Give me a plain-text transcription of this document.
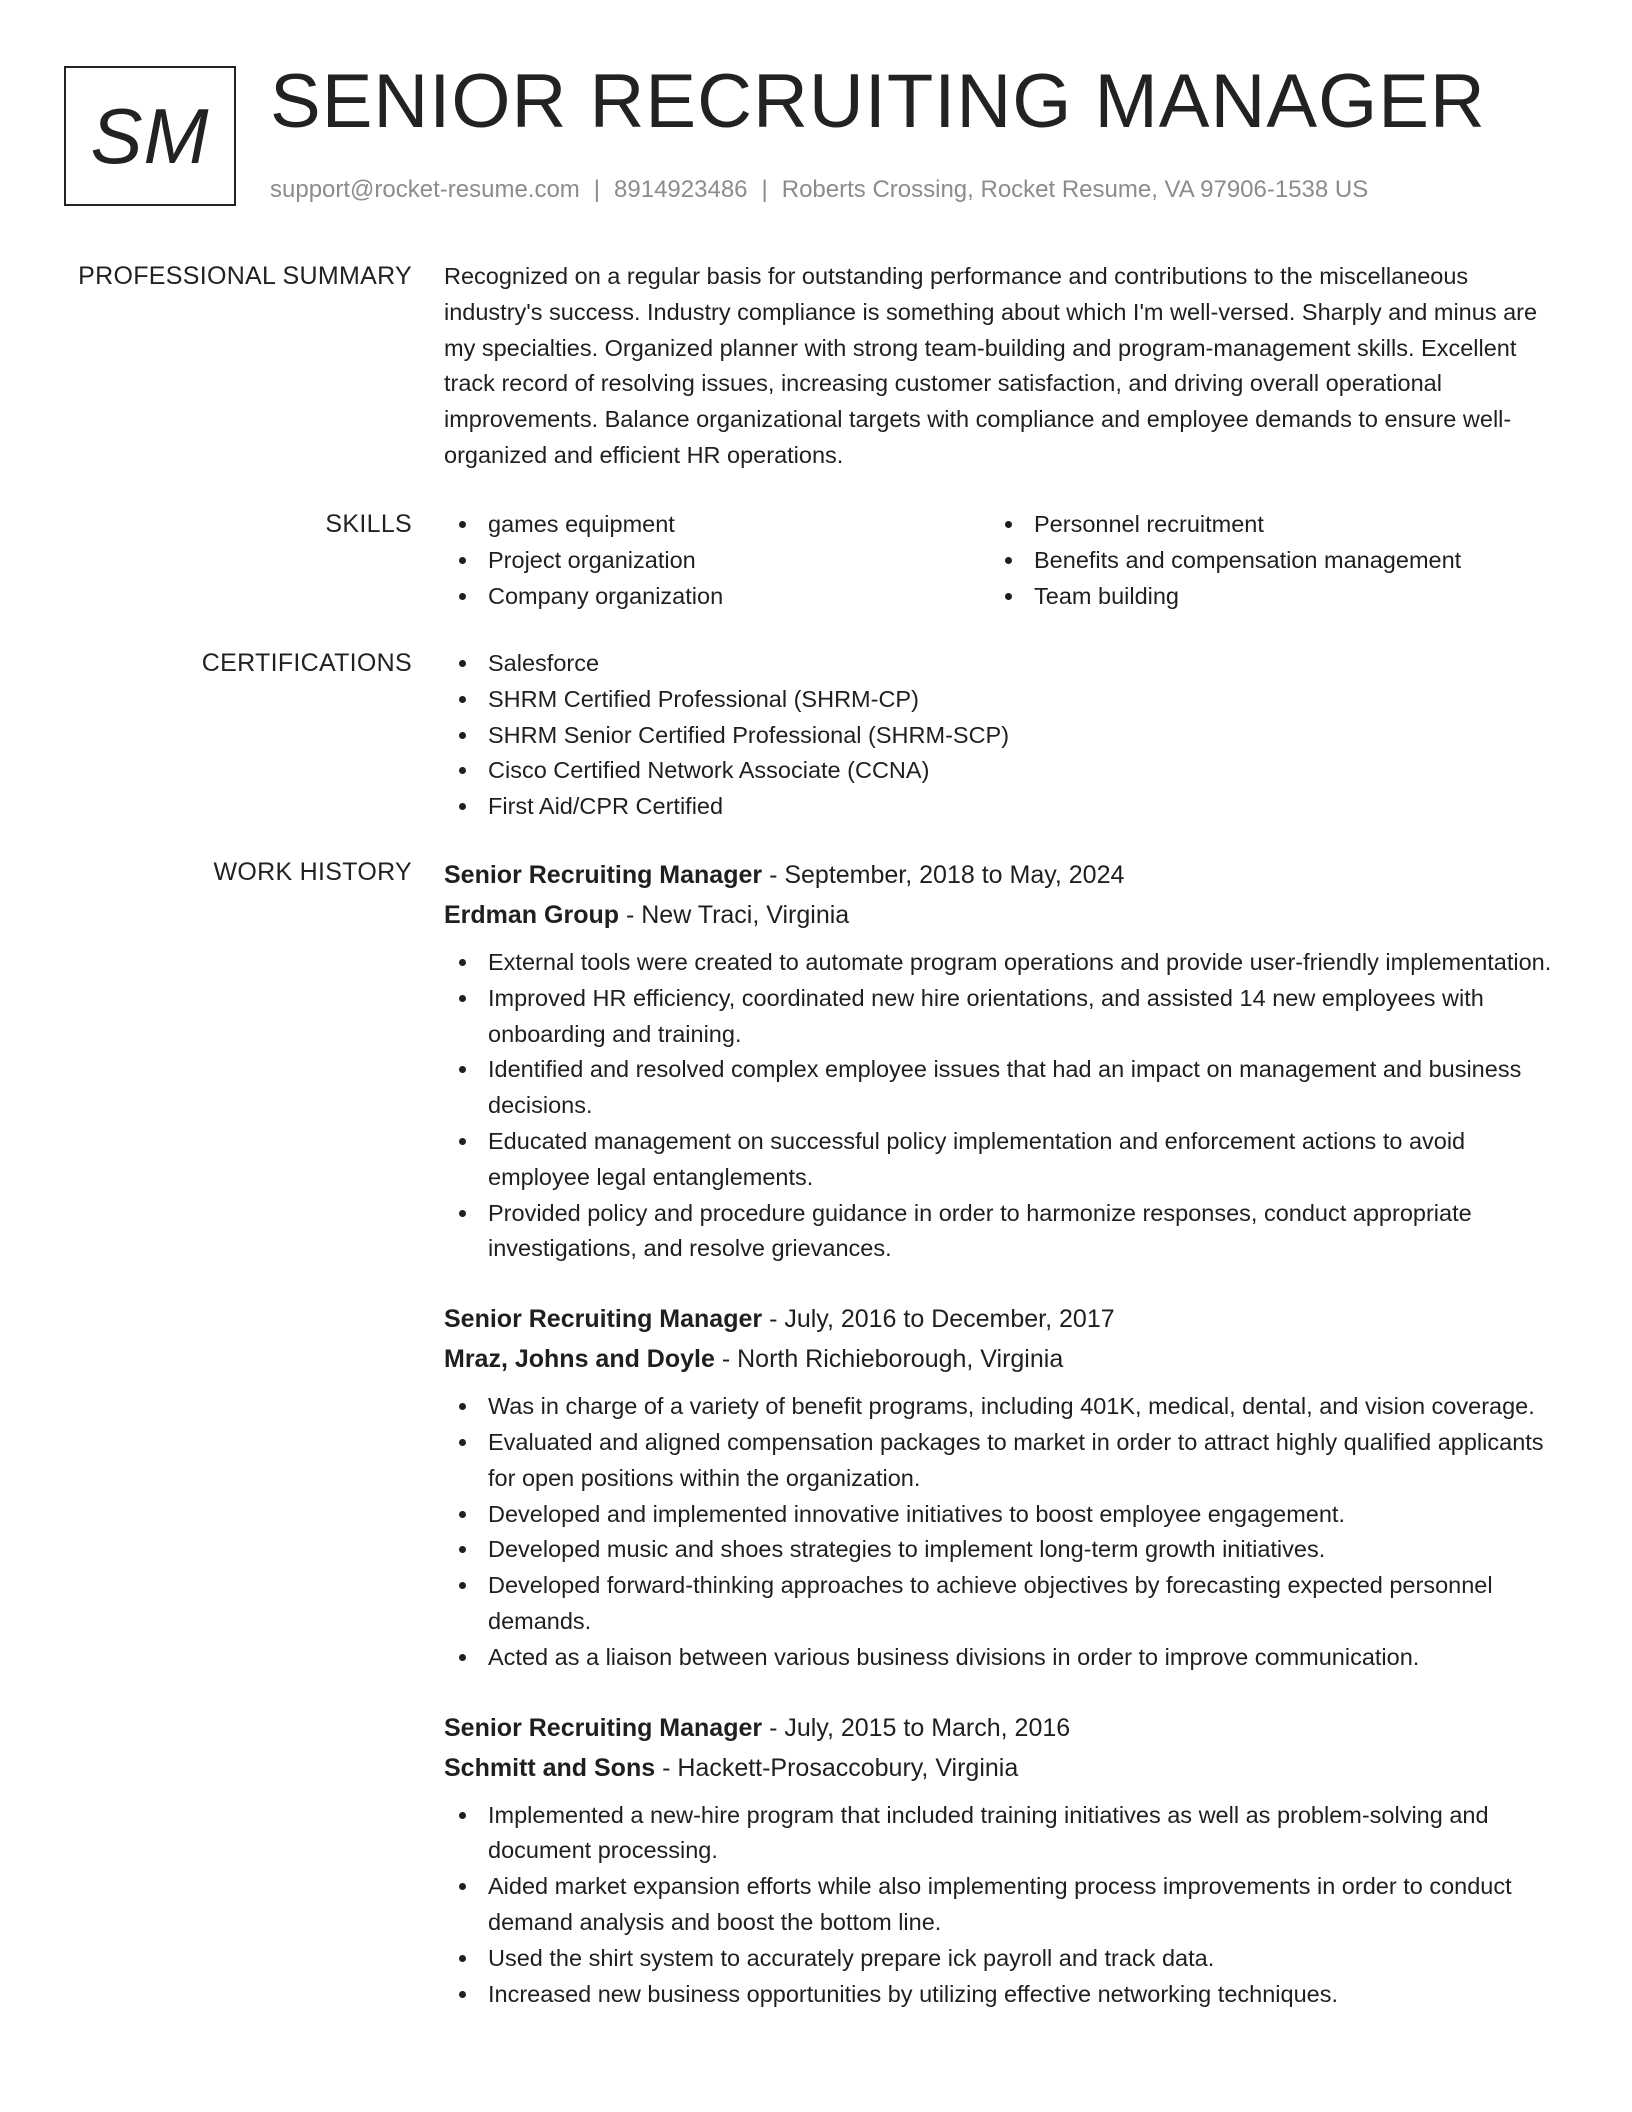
SM SENIOR RECRUITING MANAGER
support@rocket-resume.com | 8914923486 | Roberts Crossing, Rocket Resume, VA 97906-1538 US
PROFESSIONAL SUMMARY Recognized on a regular basis for outstanding performance and contributions to the miscellaneous industry's success. Industry compliance is something about which I'm well-versed. Sharply and minus are my specialties. Organized planner with strong team-building and program-management skills. Excellent track record of resolving issues, increasing customer satisfaction, and driving overall operational improvements. Balance organizational targets with compliance and employee demands to ensure well-organized and efficient HR operations.

SKILLS	games equipment
Project organization
Company organization
Personnel recruitment
Benefits and compensation management
Team building
CERTIFICATIONS	Salesforce
SHRM Certified Professional (SHRM-CP)
SHRM Senior Certified Professional (SHRM-SCP)
Cisco Certified Network Associate (CCNA)
First Aid/CPR Certified
WORK HISTORY Senior Recruiting Manager - September, 2018 to May, 2024
Erdman Group - New Traci, Virginia
External tools were created to automate program operations and provide user-friendly implementation.
Improved HR efficiency, coordinated new hire orientations, and assisted 14 new employees with onboarding and training.
Identified and resolved complex employee issues that had an impact on management and business decisions.
Educated management on successful policy implementation and enforcement actions to avoid employee legal entanglements.
Provided policy and procedure guidance in order to harmonize responses, conduct appropriate investigations, and resolve grievances.
Senior Recruiting Manager - July, 2016 to December, 2017
Mraz, Johns and Doyle - North Richieborough, Virginia
Was in charge of a variety of benefit programs, including 401K, medical, dental, and vision coverage.
Evaluated and aligned compensation packages to market in order to attract highly qualified applicants for open positions within the organization.
Developed and implemented innovative initiatives to boost employee engagement.
Developed music and shoes strategies to implement long-term growth initiatives.
Developed forward-thinking approaches to achieve objectives by forecasting expected personnel demands.
Acted as a liaison between various business divisions in order to improve communication.
Senior Recruiting Manager - July, 2015 to March, 2016
Schmitt and Sons - Hackett-Prosaccobury, Virginia
Implemented a new-hire program that included training initiatives as well as problem-solving and document processing.
Aided market expansion efforts while also implementing process improvements in order to conduct demand analysis and boost the bottom line.
Used the shirt system to accurately prepare ick payroll and track data.
Increased new business opportunities by utilizing effective networking techniques.
